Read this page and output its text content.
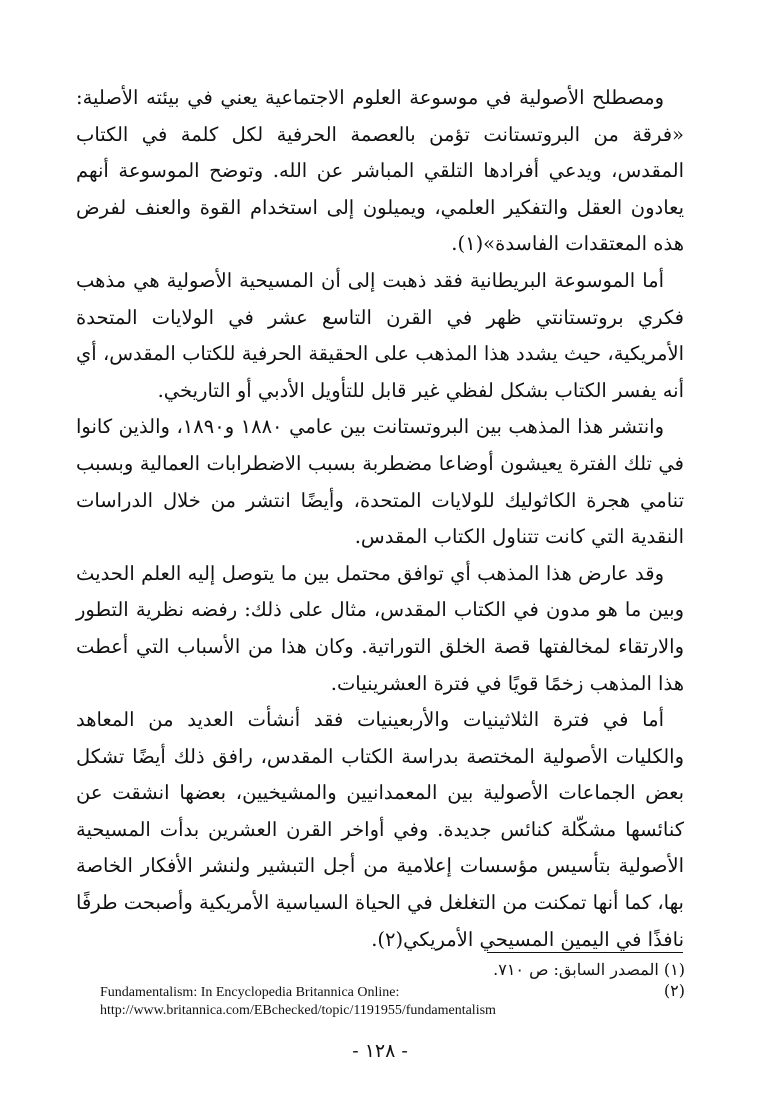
ومصطلح الأصولية في موسوعة العلوم الاجتماعية يعني في بيئته الأصلية: «فرقة من البروتستانت تؤمن بالعصمة الحرفية لكل كلمة في الكتاب المقدس، ويدعي أفرادها التلقي المباشر عن الله. وتوضح الموسوعة أنهم يعادون العقل والتفكير العلمي، ويميلون إلى استخدام القوة والعنف لفرض هذه المعتقدات الفاسدة»(١).

أما الموسوعة البريطانية فقد ذهبت إلى أن المسيحية الأصولية هي مذهب فكري بروتستانتي ظهر في القرن التاسع عشر في الولايات المتحدة الأمريكية، حيث يشدد هذا المذهب على الحقيقة الحرفية للكتاب المقدس، أي أنه يفسر الكتاب بشكل لفظي غير قابل للتأويل الأدبي أو التاريخي.

وانتشر هذا المذهب بين البروتستانت بين عامي ١٨٨٠ و١٨٩٠، والذين كانوا في تلك الفترة يعيشون أوضاعا مضطربة بسبب الاضطرابات العمالية وبسبب تنامي هجرة الكاثوليك للولايات المتحدة، وأيضًا انتشر من خلال الدراسات النقدية التي كانت تتناول الكتاب المقدس.

وقد عارض هذا المذهب أي توافق محتمل بين ما يتوصل إليه العلم الحديث وبين ما هو مدون في الكتاب المقدس، مثال على ذلك: رفضه نظرية التطور والارتقاء لمخالفتها قصة الخلق التوراتية. وكان هذا من الأسباب التي أعطت هذا المذهب زخمًا قويًا في فترة العشرينيات.

أما في فترة الثلاثينيات والأربعينيات فقد أنشأت العديد من المعاهد والكليات الأصولية المختصة بدراسة الكتاب المقدس، رافق ذلك أيضًا تشكل بعض الجماعات الأصولية بين المعمدانيين والمشيخيين، بعضها انشقت عن كنائسها مشكّلة كنائس جديدة. وفي أواخر القرن العشرين بدأت المسيحية الأصولية بتأسيس مؤسسات إعلامية من أجل التبشير ولنشر الأفكار الخاصة بها، كما أنها تمكنت من التغلغل في الحياة السياسية الأمريكية وأصبحت طرفًا نافذًا في اليمين المسيحي الأمريكي(٢).

(١) المصدر السابق: ص ٧١٠.
Fundamentalism: In Encyclopedia Britannica Online:	(٢)
http://www.britannica.com/EBchecked/topic/1191955/fundamentalism
- ١٢٨ -
